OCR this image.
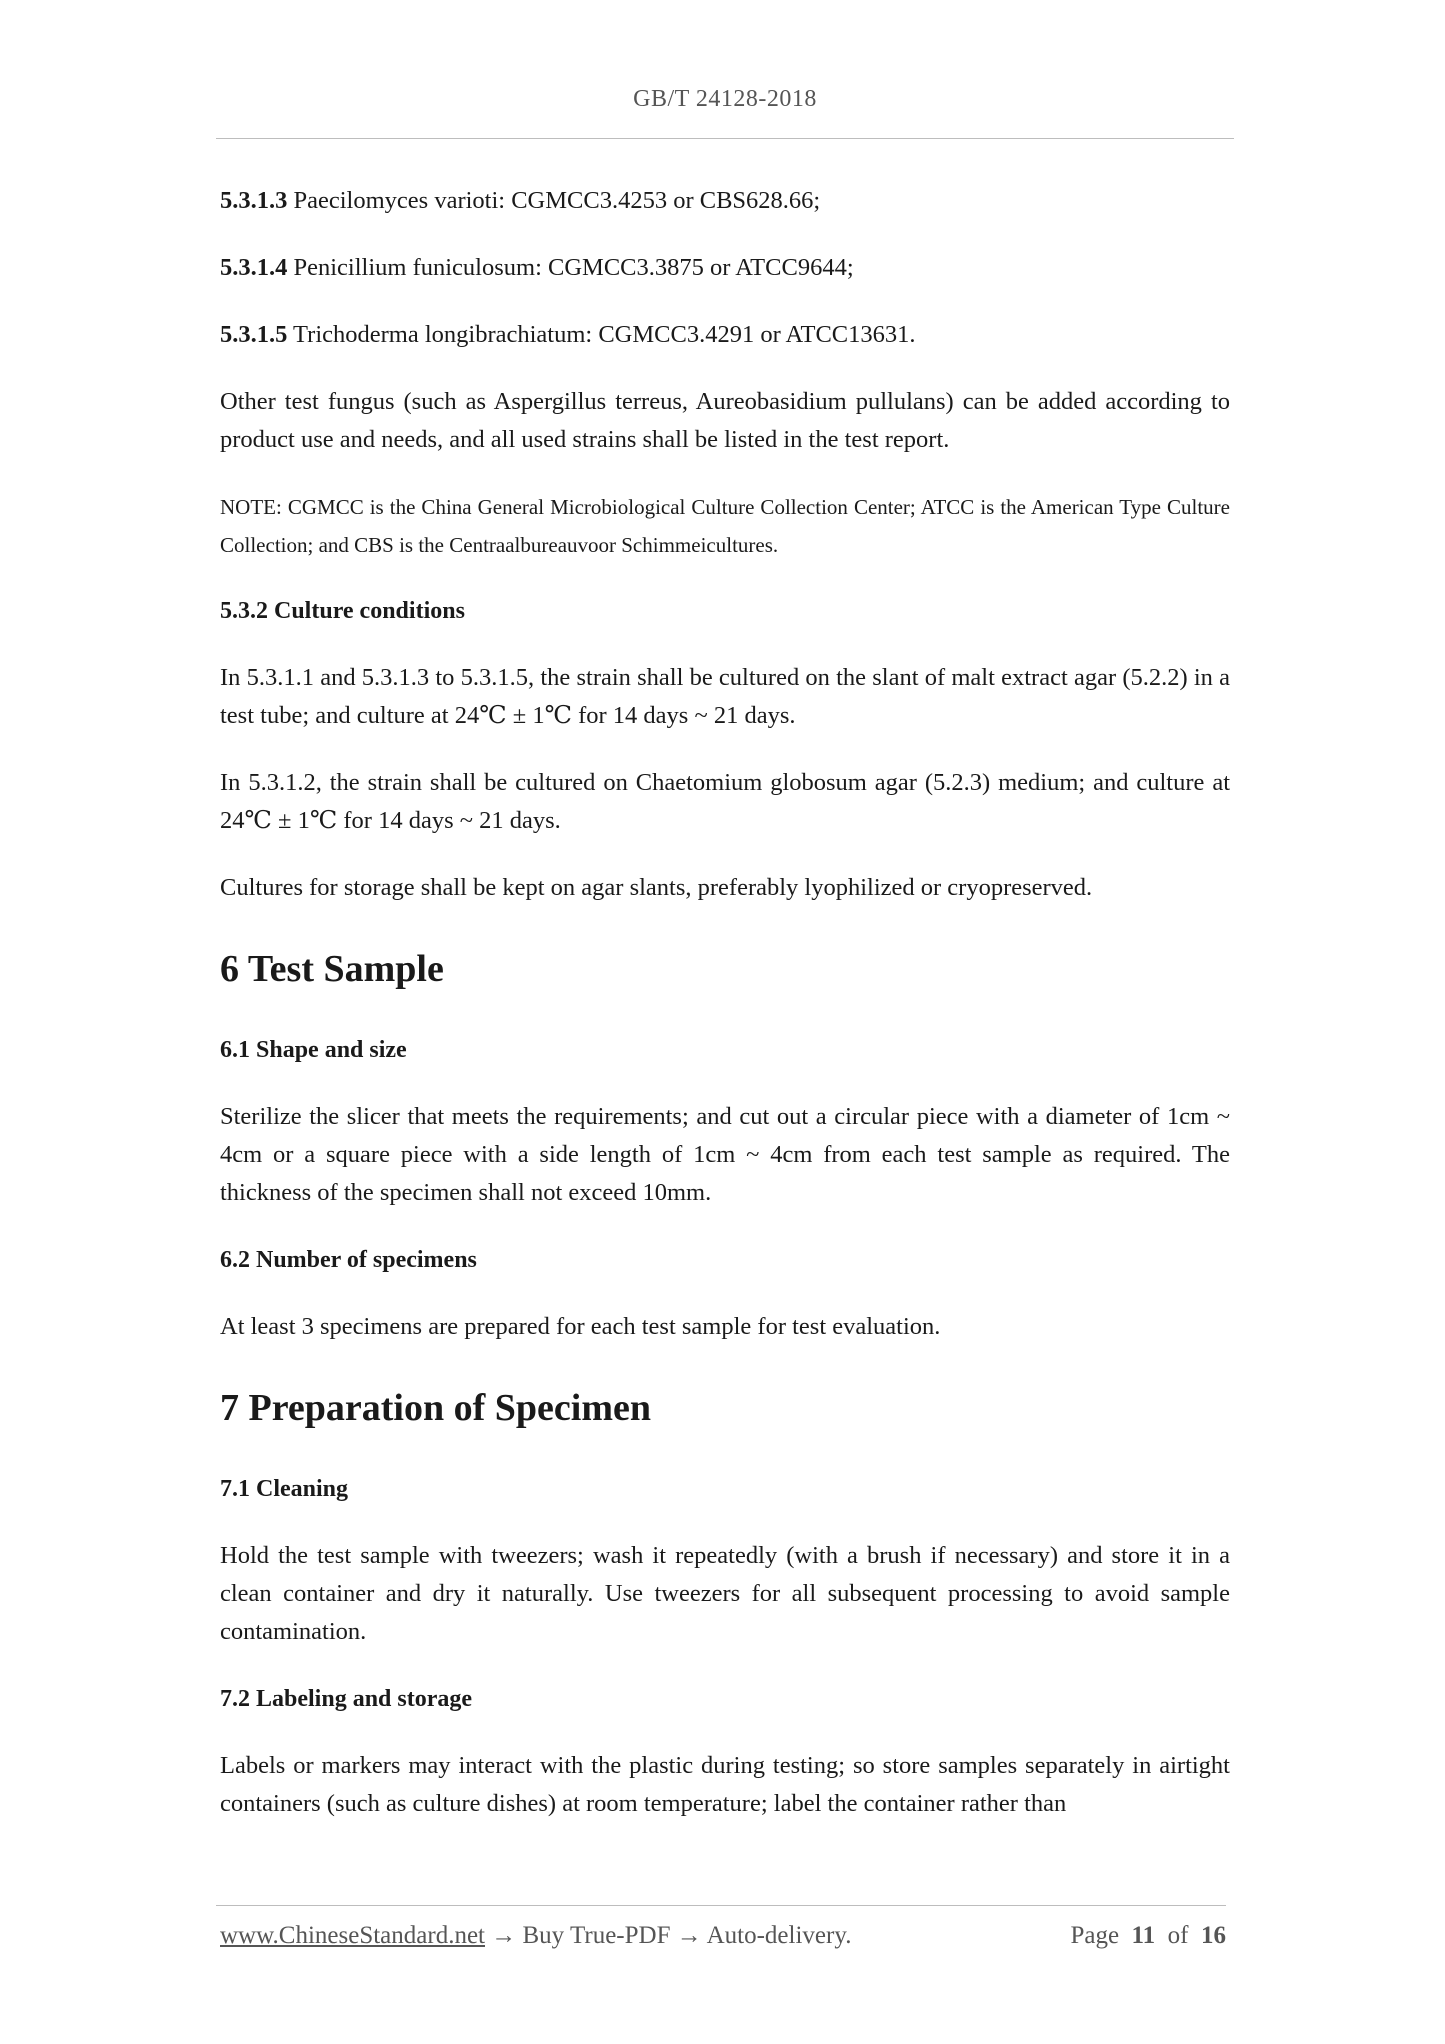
GB/T 24128-2018

5.3.1.3 Paecilomyces varioti: CGMCC3.4253 or CBS628.66;

5.3.1.4 Penicillium funiculosum: CGMCC3.3875 or ATCC9644;

5.3.1.5 Trichoderma longibrachiatum: CGMCC3.4291 or ATCC13631.

Other test fungus (such as Aspergillus terreus, Aureobasidium pullulans) can be added according to product use and needs, and all used strains shall be listed in the test report.

NOTE: CGMCC is the China General Microbiological Culture Collection Center; ATCC is the American Type Culture Collection; and CBS is the Centraalbureauvoor Schimmeicultures.

5.3.2 Culture conditions

In 5.3.1.1 and 5.3.1.3 to 5.3.1.5, the strain shall be cultured on the slant of malt extract agar (5.2.2) in a test tube; and culture at 24℃ ± 1℃ for 14 days ~ 21 days.

In 5.3.1.2, the strain shall be cultured on Chaetomium globosum agar (5.2.3) medium; and culture at 24℃ ± 1℃ for 14 days ~ 21 days.

Cultures for storage shall be kept on agar slants, preferably lyophilized or cryopreserved.

6 Test Sample

6.1 Shape and size

Sterilize the slicer that meets the requirements; and cut out a circular piece with a diameter of 1cm ~ 4cm or a square piece with a side length of 1cm ~ 4cm from each test sample as required. The thickness of the specimen shall not exceed 10mm.

6.2 Number of specimens

At least 3 specimens are prepared for each test sample for test evaluation.

7 Preparation of Specimen

7.1 Cleaning

Hold the test sample with tweezers; wash it repeatedly (with a brush if necessary) and store it in a clean container and dry it naturally. Use tweezers for all subsequent processing to avoid sample contamination.

7.2 Labeling and storage

Labels or markers may interact with the plastic during testing; so store samples separately in airtight containers (such as culture dishes) at room temperature; label the container rather than

www.ChineseStandard.net → Buy True-PDF → Auto-delivery.	Page 11 of 16
